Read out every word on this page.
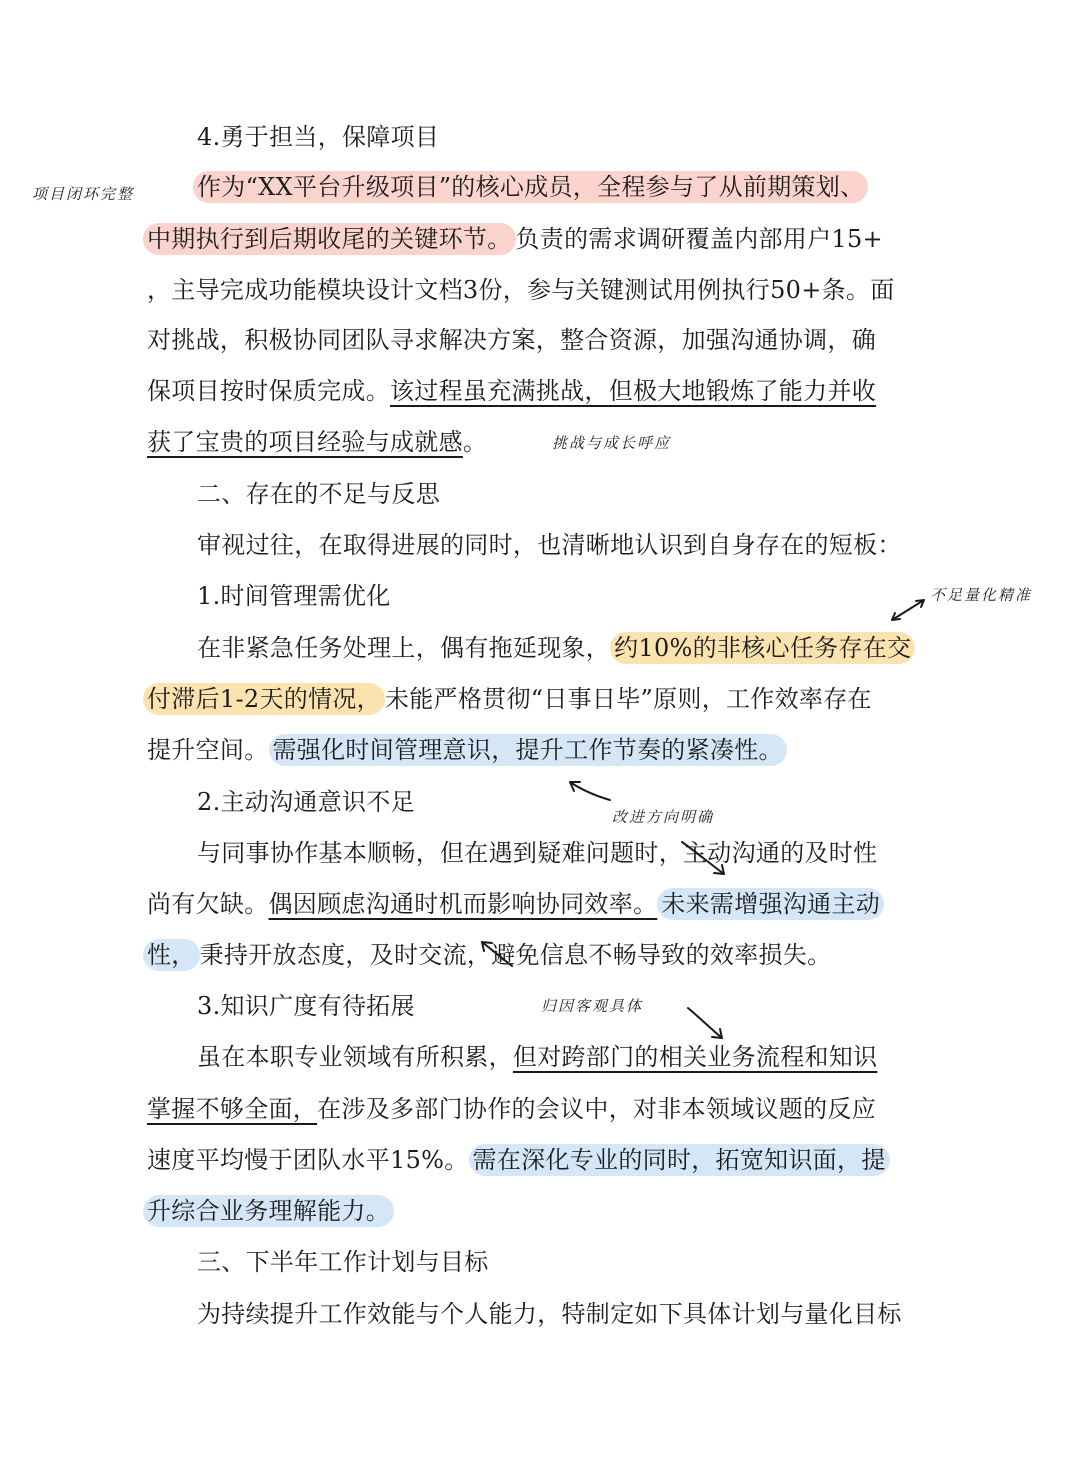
4.勇于担当，保障项目
作为“XX平台升级项目”的核心成员，全程参与了从前期策划、
中期执行到后期收尾的关键环节。 负责的需求调研覆盖内部用户15+
，主导完成功能模块设计文档3份，参与关键测试用例执行50+条。面
对挑战，积极协同团队寻求解决方案，整合资源，加强沟通协调，确
保项目按时保质完成。该过程虽充满挑战，但极大地锻炼了能力并收
获了宝贵的项目经验与成就感。
二、存在的不足与反思
审视过往，在取得进展的同时，也清晰地认识到自身存在的短板：
1.时间管理需优化
在非紧急任务处理上，偶有拖延现象， 约10%的非核心任务存在交
付滞后1-2天的情况， 未能严格贯彻“日事日毕”原则，工作效率存在
提升空间。 需强化时间管理意识，提升工作节奏的紧凑性。
2.主动沟通意识不足
与同事协作基本顺畅，但在遇到疑难问题时，主动沟通的及时性
尚有欠缺。偶因顾虑沟通时机而影响协同效率。 未来需增强沟通主动
性， 秉持开放态度，及时交流，避免信息不畅导致的效率损失。
3.知识广度有待拓展
虽在本职专业领域有所积累，但对跨部门的相关业务流程和知识
掌握不够全面，在涉及多部门协作的会议中，对非本领域议题的反应
速度平均慢于团队水平15%。 需在深化专业的同时，拓宽知识面，提
升综合业务理解能力。
三、下半年工作计划与目标
为持续提升工作效能与个人能力，特制定如下具体计划与量化目标
项目闭环完整
挑战与成长呼应
不足量化精准
改进方向明确
归因客观具体
